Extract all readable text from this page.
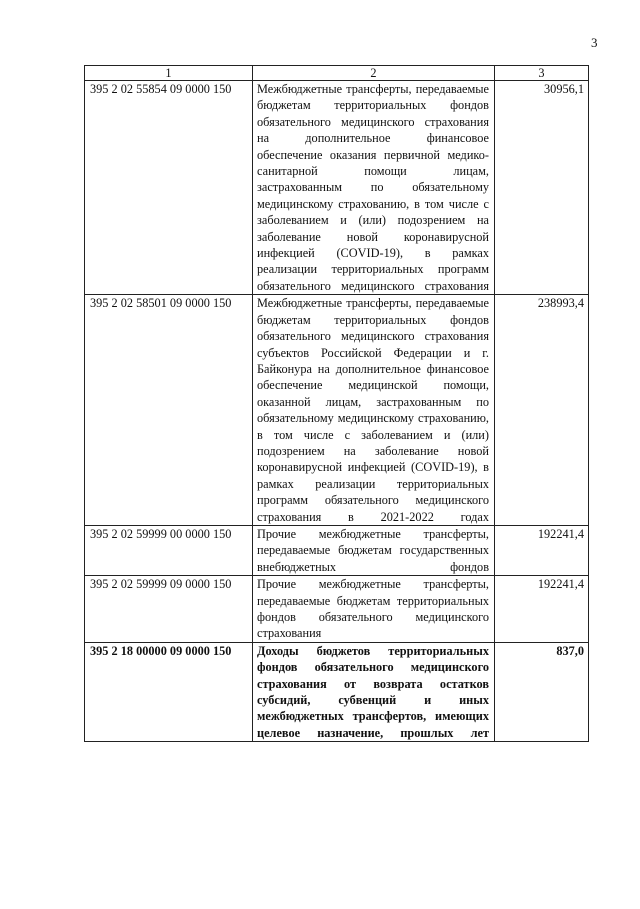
3
1	2	3
395 2 02 55854 09 0000 150	Межбюджетные трансферты, передаваемые бюджетам территориальных фондов обязательного медицинского страхования на дополнительное финансовое обеспечение оказания первичной медико-санитарной помощи лицам, застрахованным по обязательному медицинскому страхованию, в том числе с заболеванием и (или) подозрением на заболевание новой коронавирусной инфекцией (COVID-19), в рамках реализации территориальных программ обязательного медицинского страхования	30956,1
395 2 02 58501 09 0000 150	Межбюджетные трансферты, передаваемые бюджетам территориальных фондов обязательного медицинского страхования субъектов Российской Федерации и г. Байконура на дополнительное финансовое обеспечение медицинской помощи, оказанной лицам, застрахованным по обязательному медицинскому страхованию, в том числе с заболеванием и (или) подозрением на заболевание новой коронавирусной инфекцией (COVID-19), в рамках реализации территориальных программ обязательного медицинского страхования в 2021-2022 годах	238993,4
395 2 02 59999 00 0000 150	Прочие межбюджетные трансферты, передаваемые бюджетам государственных внебюджетных фондов	192241,4
395 2 02 59999 09 0000 150	Прочие межбюджетные трансферты, передаваемые бюджетам территориальных фондов обязательного медицинского страхования	192241,4
395 2 18 00000 09 0000 150	Доходы бюджетов территориальных фондов обязательного медицинского страхования от возврата остатков субсидий, субвенций и иных межбюджетных трансфертов, имеющих целевое назначение, прошлых лет	837,0
